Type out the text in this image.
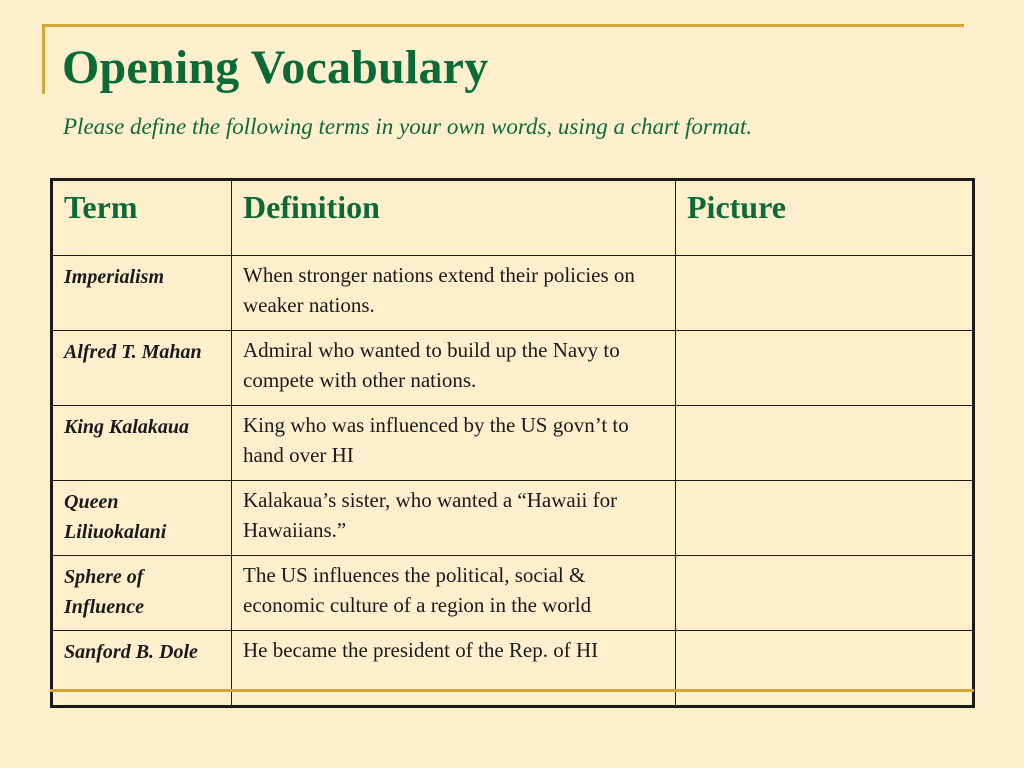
Opening Vocabulary

Please define the following terms in your own words, using a chart format.

Term	Definition	Picture
Imperialism	When stronger nations extend their policies on weaker nations.	
Alfred T. Mahan	Admiral who wanted to build up the Navy to compete with other nations.	
King Kalakaua	King who was influenced by the US govn’t to hand over HI	
Queen Liliuokalani	Kalakaua’s sister, who wanted a “Hawaii for Hawaiians.”	
Sphere of Influence	The US influences the political, social & economic culture of a region in the world	
Sanford B. Dole	He became the president of the Rep. of HI	
